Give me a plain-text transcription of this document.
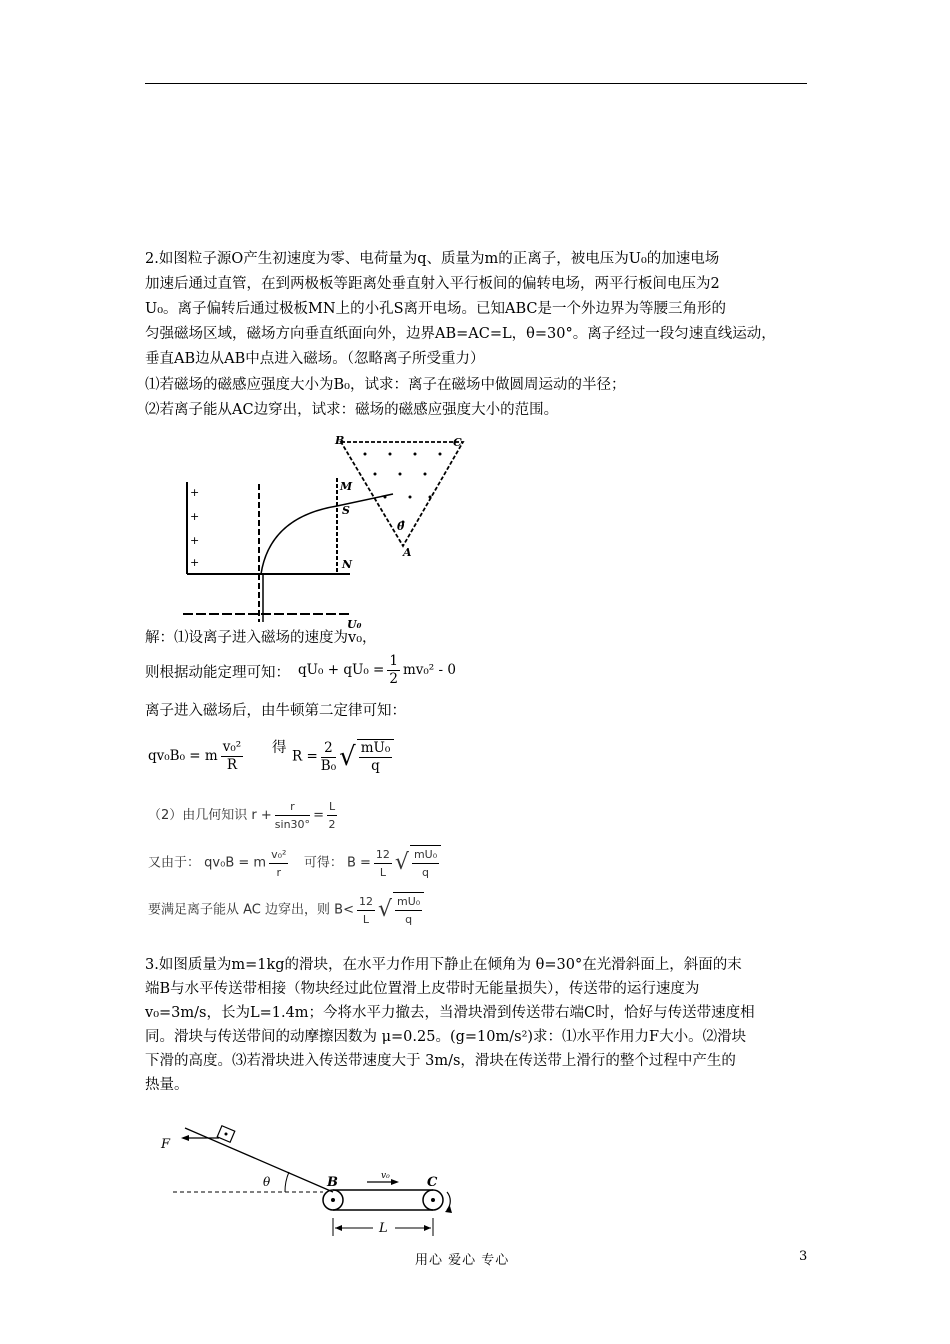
2.如图粒子源O产生初速度为零、电荷量为q、质量为m的正离子，被电压为U₀的加速电场
加速后通过直管，在到两极板等距离处垂直射入平行板间的偏转电场，两平行板间电压为2
U₀。离子偏转后通过极板MN上的小孔S离开电场。已知ABC是一个外边界为等腰三角形的
匀强磁场区域，磁场方向垂直纸面向外，边界AB=AC=L，θ=30°。离子经过一段匀速直线运动，
垂直AB边从AB中点进入磁场。（忽略离子所受重力）
⑴若磁场的磁感应强度大小为B₀，试求：离子在磁场中做圆周运动的半径；
⑵若离子能从AC边穿出，试求：磁场的磁感应强度大小的范围。
+
+
+
+
B	C
M
S
N
A
θ
U₀
解：⑴设离子进入磁场的速度为v₀，
则根据动能定理可知： $qU_0 + qU_0 = \frac{1}{2} mv_0^2 - 0$
离子进入磁场后，由牛顿第二定律可知：
qv₀B₀ = m $\frac{\text{v₀²}}{R}$ 得
$R = \frac{2}{\text{B₀}}$ √ $\frac{\text{mU₀}}{q}$
（2）由几何知识 $r + \frac{r}{\sin 30^\circ} = \frac{L}{2}$
又由于： qv₀B = m $\frac{\text{v₀²}}{r}$ 可得： $B = \frac{12}{L}$ √ $\frac{\text{mU₀}}{q}$
要满足离子能从 AC 边穿出，则 $B< \frac{12}{L}$ √ $\frac{\text{mU₀}}{q}$
3.如图质量为m=1kg的滑块，在水平力作用下静止在倾角为 θ=30°在光滑斜面上，斜面的末
端B与水平传送带相接（物块经过此位置滑上皮带时无能量损失），传送带的运行速度为
v₀=3m/s，长为L=1.4m；今将水平力撤去，当滑块滑到传送带右端C时，恰好与传送带速度相
同。滑块与传送带间的动摩擦因数为 μ=0.25。(g=10m/s²)求：⑴水平作用力F大小。⑵滑块
下滑的高度。⑶若滑块进入传送带速度大于 3m/s，滑块在传送带上滑行的整个过程中产生的
热量。
F
θ	B	C
v₀
L
用心 爱心 专心	3
